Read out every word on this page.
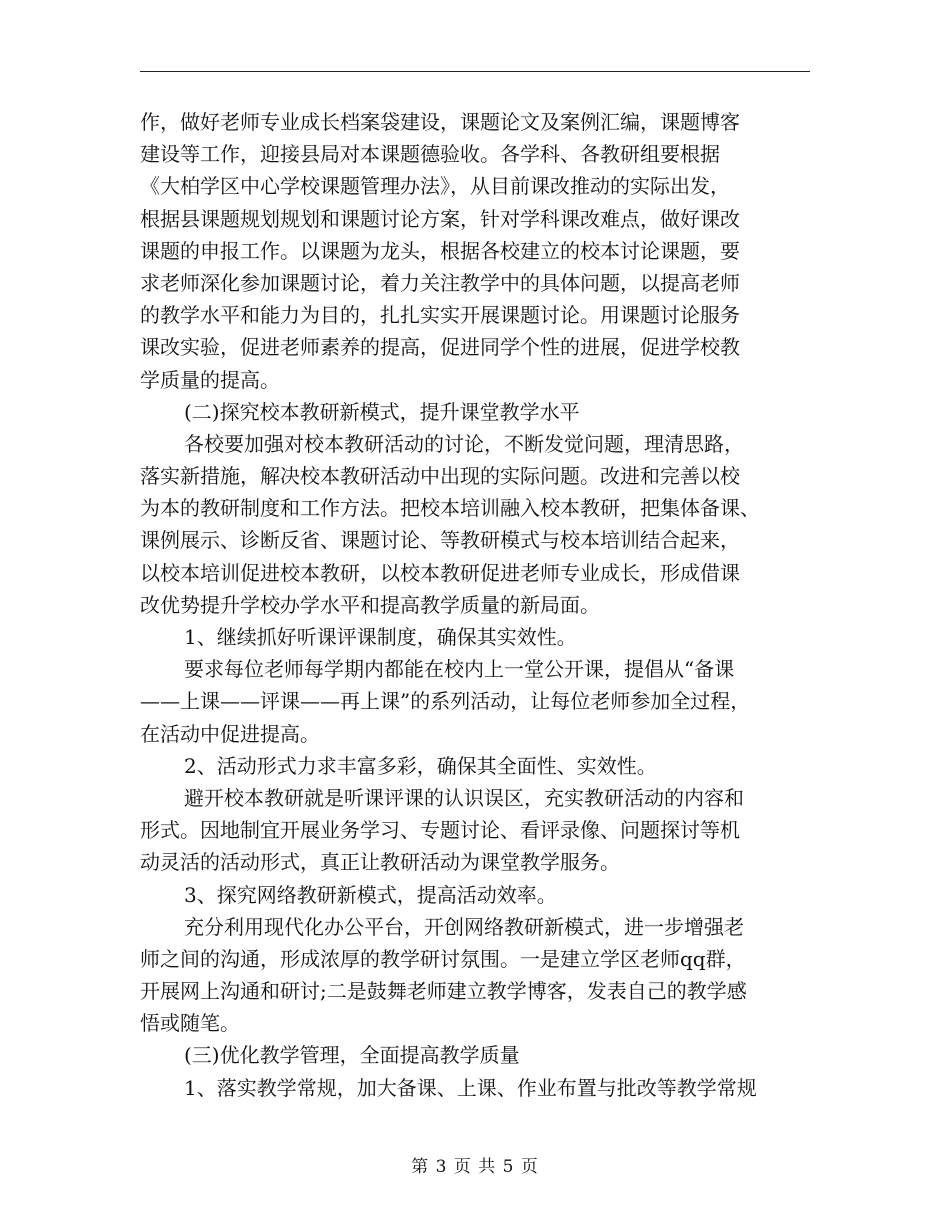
作，做好老师专业成长档案袋建设，课题论文及案例汇编，课题博客
建设等工作，迎接县局对本课题德验收。各学科、各教研组要根据
《大柏学区中心学校课题管理办法》，从目前课改推动的实际出发，
根据县课题规划规划和课题讨论方案，针对学科课改难点，做好课改
课题的申报工作。以课题为龙头，根据各校建立的校本讨论课题，要
求老师深化参加课题讨论，着力关注教学中的具体问题，以提高老师
的教学水平和能力为目的，扎扎实实开展课题讨论。用课题讨论服务
课改实验，促进老师素养的提高，促进同学个性的进展，促进学校教
学质量的提高。
(二)探究校本教研新模式，提升课堂教学水平
各校要加强对校本教研活动的讨论，不断发觉问题，理清思路，
落实新措施，解决校本教研活动中出现的实际问题。改进和完善以校
为本的教研制度和工作方法。把校本培训融入校本教研，把集体备课、
课例展示、诊断反省、课题讨论、等教研模式与校本培训结合起来，
以校本培训促进校本教研，以校本教研促进老师专业成长，形成借课
改优势提升学校办学水平和提高教学质量的新局面。
1、继续抓好听课评课制度，确保其实效性。
要求每位老师每学期内都能在校内上一堂公开课，提倡从“备课
——上课——评课——再上课”的系列活动，让每位老师参加全过程，
在活动中促进提高。
2、活动形式力求丰富多彩，确保其全面性、实效性。
避开校本教研就是听课评课的认识误区，充实教研活动的内容和
形式。因地制宜开展业务学习、专题讨论、看评录像、问题探讨等机
动灵活的活动形式，真正让教研活动为课堂教学服务。
3、探究网络教研新模式，提高活动效率。
充分利用现代化办公平台，开创网络教研新模式，进一步增强老
师之间的沟通，形成浓厚的教学研讨氛围。一是建立学区老师qq群，
开展网上沟通和研讨;二是鼓舞老师建立教学博客，发表自己的教学感
悟或随笔。
(三)优化教学管理，全面提高教学质量
1、落实教学常规，加大备课、上课、作业布置与批改等教学常规
第 3 页 共 5 页
